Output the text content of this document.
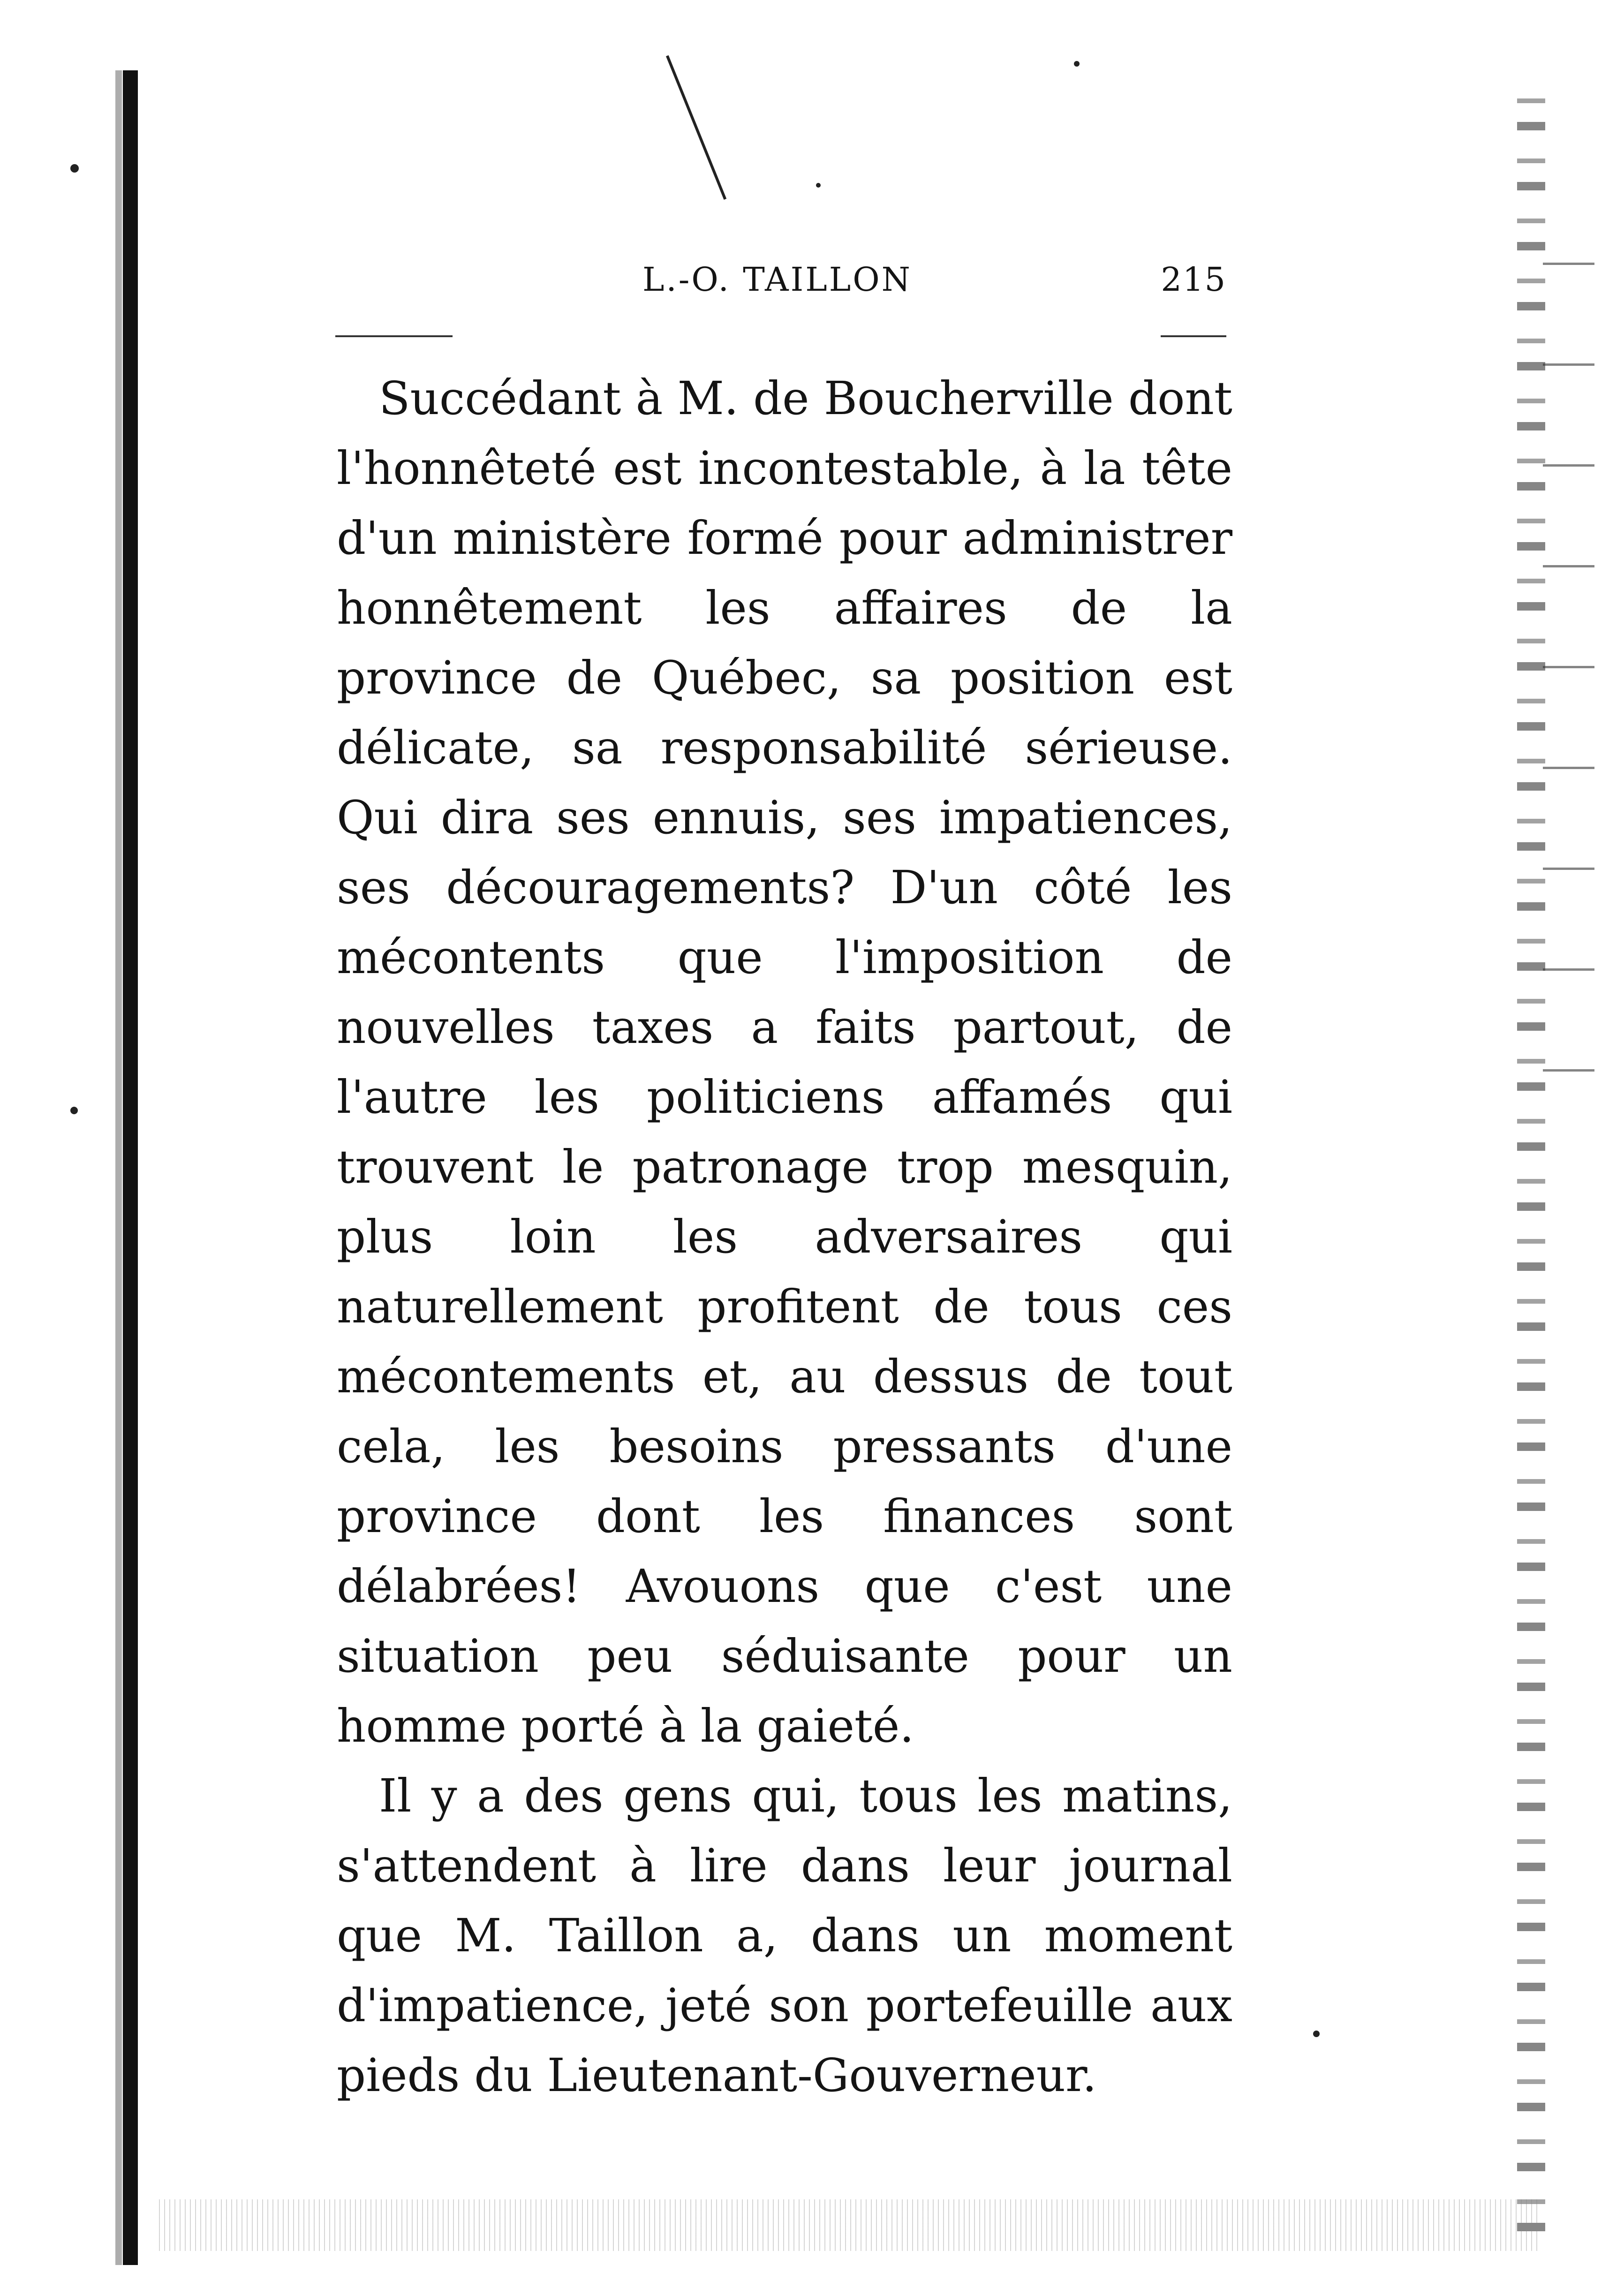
L.-O. TAILLON	215

Succédant à M. de Boucherville dont l'honnêteté est incontestable, à la tête d'un ministère formé pour administrer honnêtement les affaires de la province de Québec, sa position est délicate, sa responsabilité sérieuse. Qui dira ses ennuis, ses impatiences, ses découragements? D'un côté les mécontents que l'imposition de nouvelles taxes a faits partout, de l'autre les politiciens affamés qui trouvent le patronage trop mesquin, plus loin les adversaires qui naturellement profitent de tous ces mécontements et, au dessus de tout cela, les besoins pressants d'une province dont les finances sont délabrées! Avouons que c'est une situation peu séduisante pour un homme porté à la gaieté.

Il y a des gens qui, tous les matins, s'attendent à lire dans leur journal que M. Taillon a, dans un moment d'impatience, jeté son portefeuille aux pieds du Lieutenant-Gouverneur.
